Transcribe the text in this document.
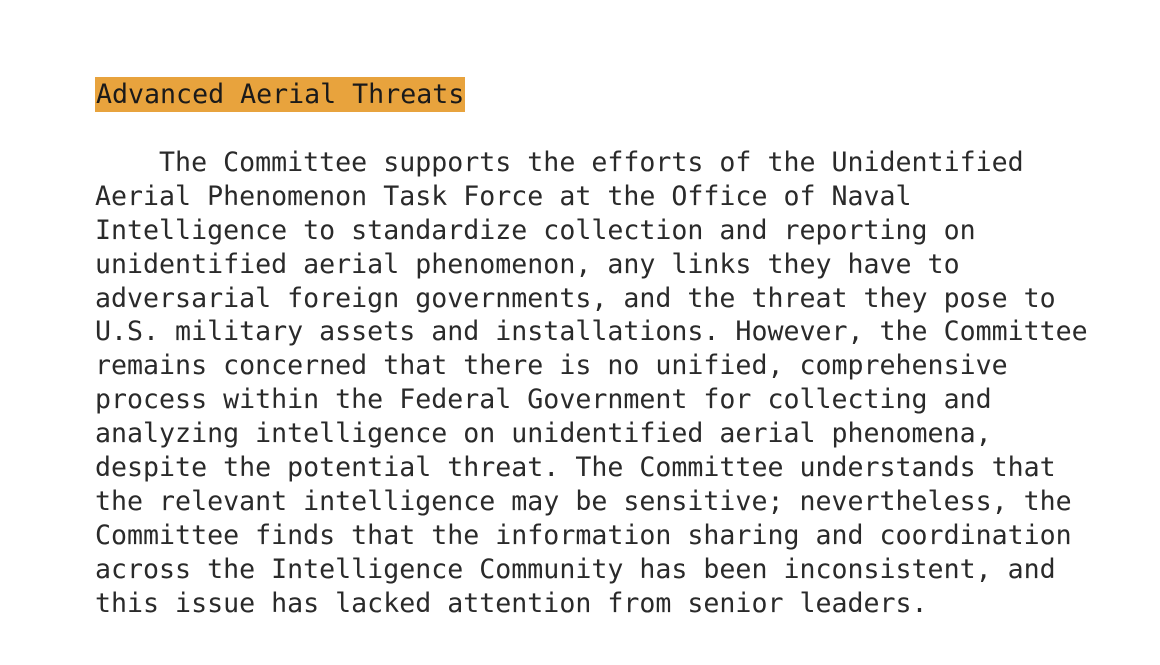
Advanced Aerial Threats
The Committee supports the efforts of the Unidentified
Aerial Phenomenon Task Force at the Office of Naval
Intelligence to standardize collection and reporting on
unidentified aerial phenomenon, any links they have to
adversarial foreign governments, and the threat they pose to
U.S. military assets and installations. However, the Committee
remains concerned that there is no unified, comprehensive
process within the Federal Government for collecting and
analyzing intelligence on unidentified aerial phenomena,
despite the potential threat. The Committee understands that
the relevant intelligence may be sensitive; nevertheless, the
Committee finds that the information sharing and coordination
across the Intelligence Community has been inconsistent, and
this issue has lacked attention from senior leaders.
